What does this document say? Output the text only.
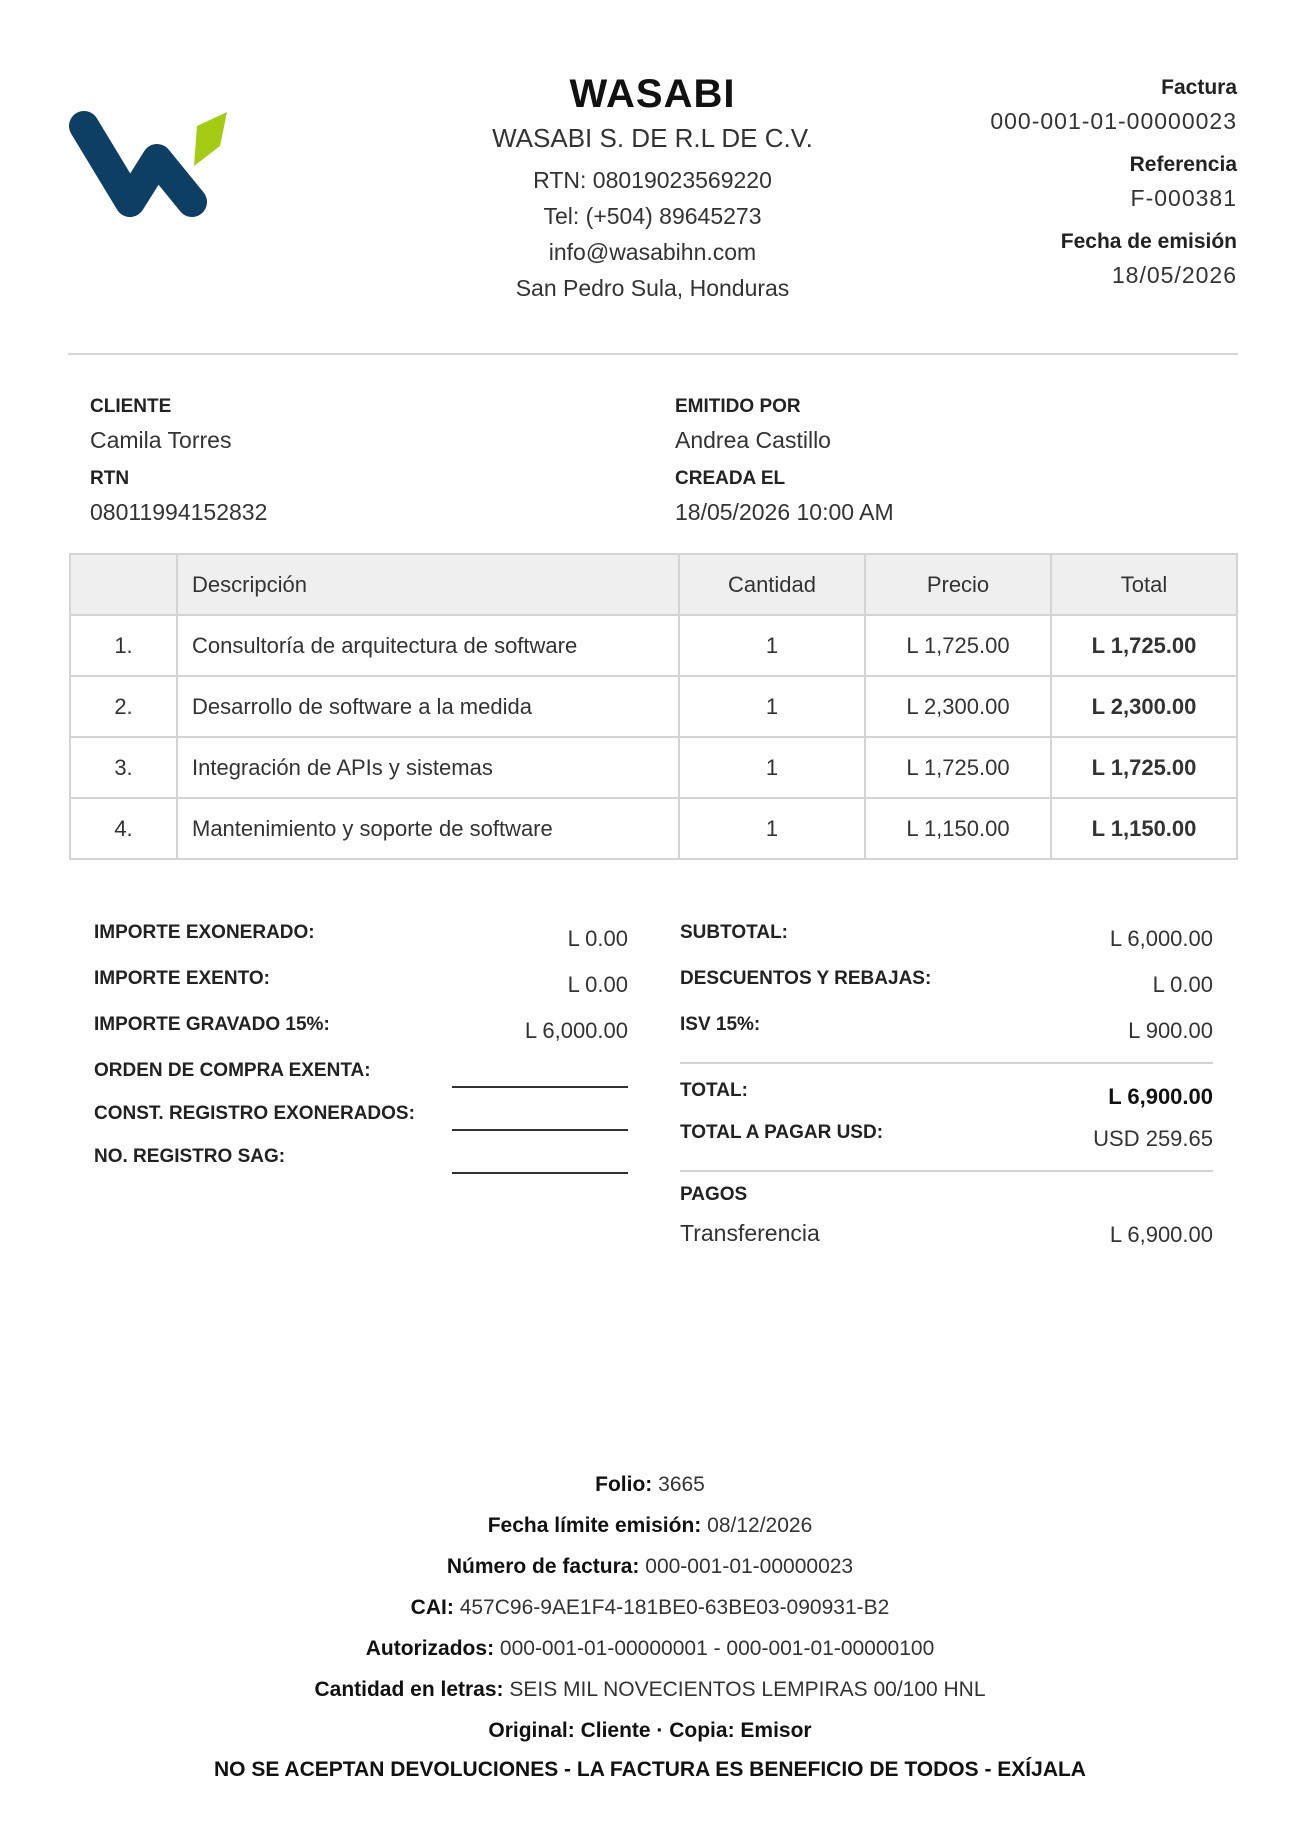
WASABI
WASABI S. DE R.L DE C.V.
RTN: 08019023569220
Tel: (+504) 89645273
info@wasabihn.com
San Pedro Sula, Honduras
Factura
000-001-01-00000023
Referencia
F-000381
Fecha de emisión
18/05/2026
CLIENTE
Camila Torres
RTN
08011994152832
EMITIDO POR
Andrea Castillo
CREADA EL
18/05/2026 10:00 AM
	Descripción	Cantidad	Precio	Total
1.	Consultoría de arquitectura de software	1	L 1,725.00	L 1,725.00
2.	Desarrollo de software a la medida	1	L 2,300.00	L 2,300.00
3.	Integración de APIs y sistemas	1	L 1,725.00	L 1,725.00
4.	Mantenimiento y soporte de software	1	L 1,150.00	L 1,150.00
IMPORTE EXONERADO:	L 0.00
IMPORTE EXENTO:	L 0.00
IMPORTE GRAVADO 15%:	L 6,000.00
ORDEN DE COMPRA EXENTA:
CONST. REGISTRO EXONERADOS:
NO. REGISTRO SAG:
SUBTOTAL:	L 6,000.00
DESCUENTOS Y REBAJAS:	L 0.00
ISV 15%:	L 900.00
TOTAL:	L 6,900.00
TOTAL A PAGAR USD:	USD 259.65
PAGOS
Transferencia	L 6,900.00
Folio: 3665
Fecha límite emisión: 08/12/2026
Número de factura: 000-001-01-00000023
CAI: 457C96-9AE1F4-181BE0-63BE03-090931-B2
Autorizados: 000-001-01-00000001 - 000-001-01-00000100
Cantidad en letras: SEIS MIL NOVECIENTOS LEMPIRAS 00/100 HNL
Original: Cliente · Copia: Emisor
NO SE ACEPTAN DEVOLUCIONES - LA FACTURA ES BENEFICIO DE TODOS - EXÍJALA
